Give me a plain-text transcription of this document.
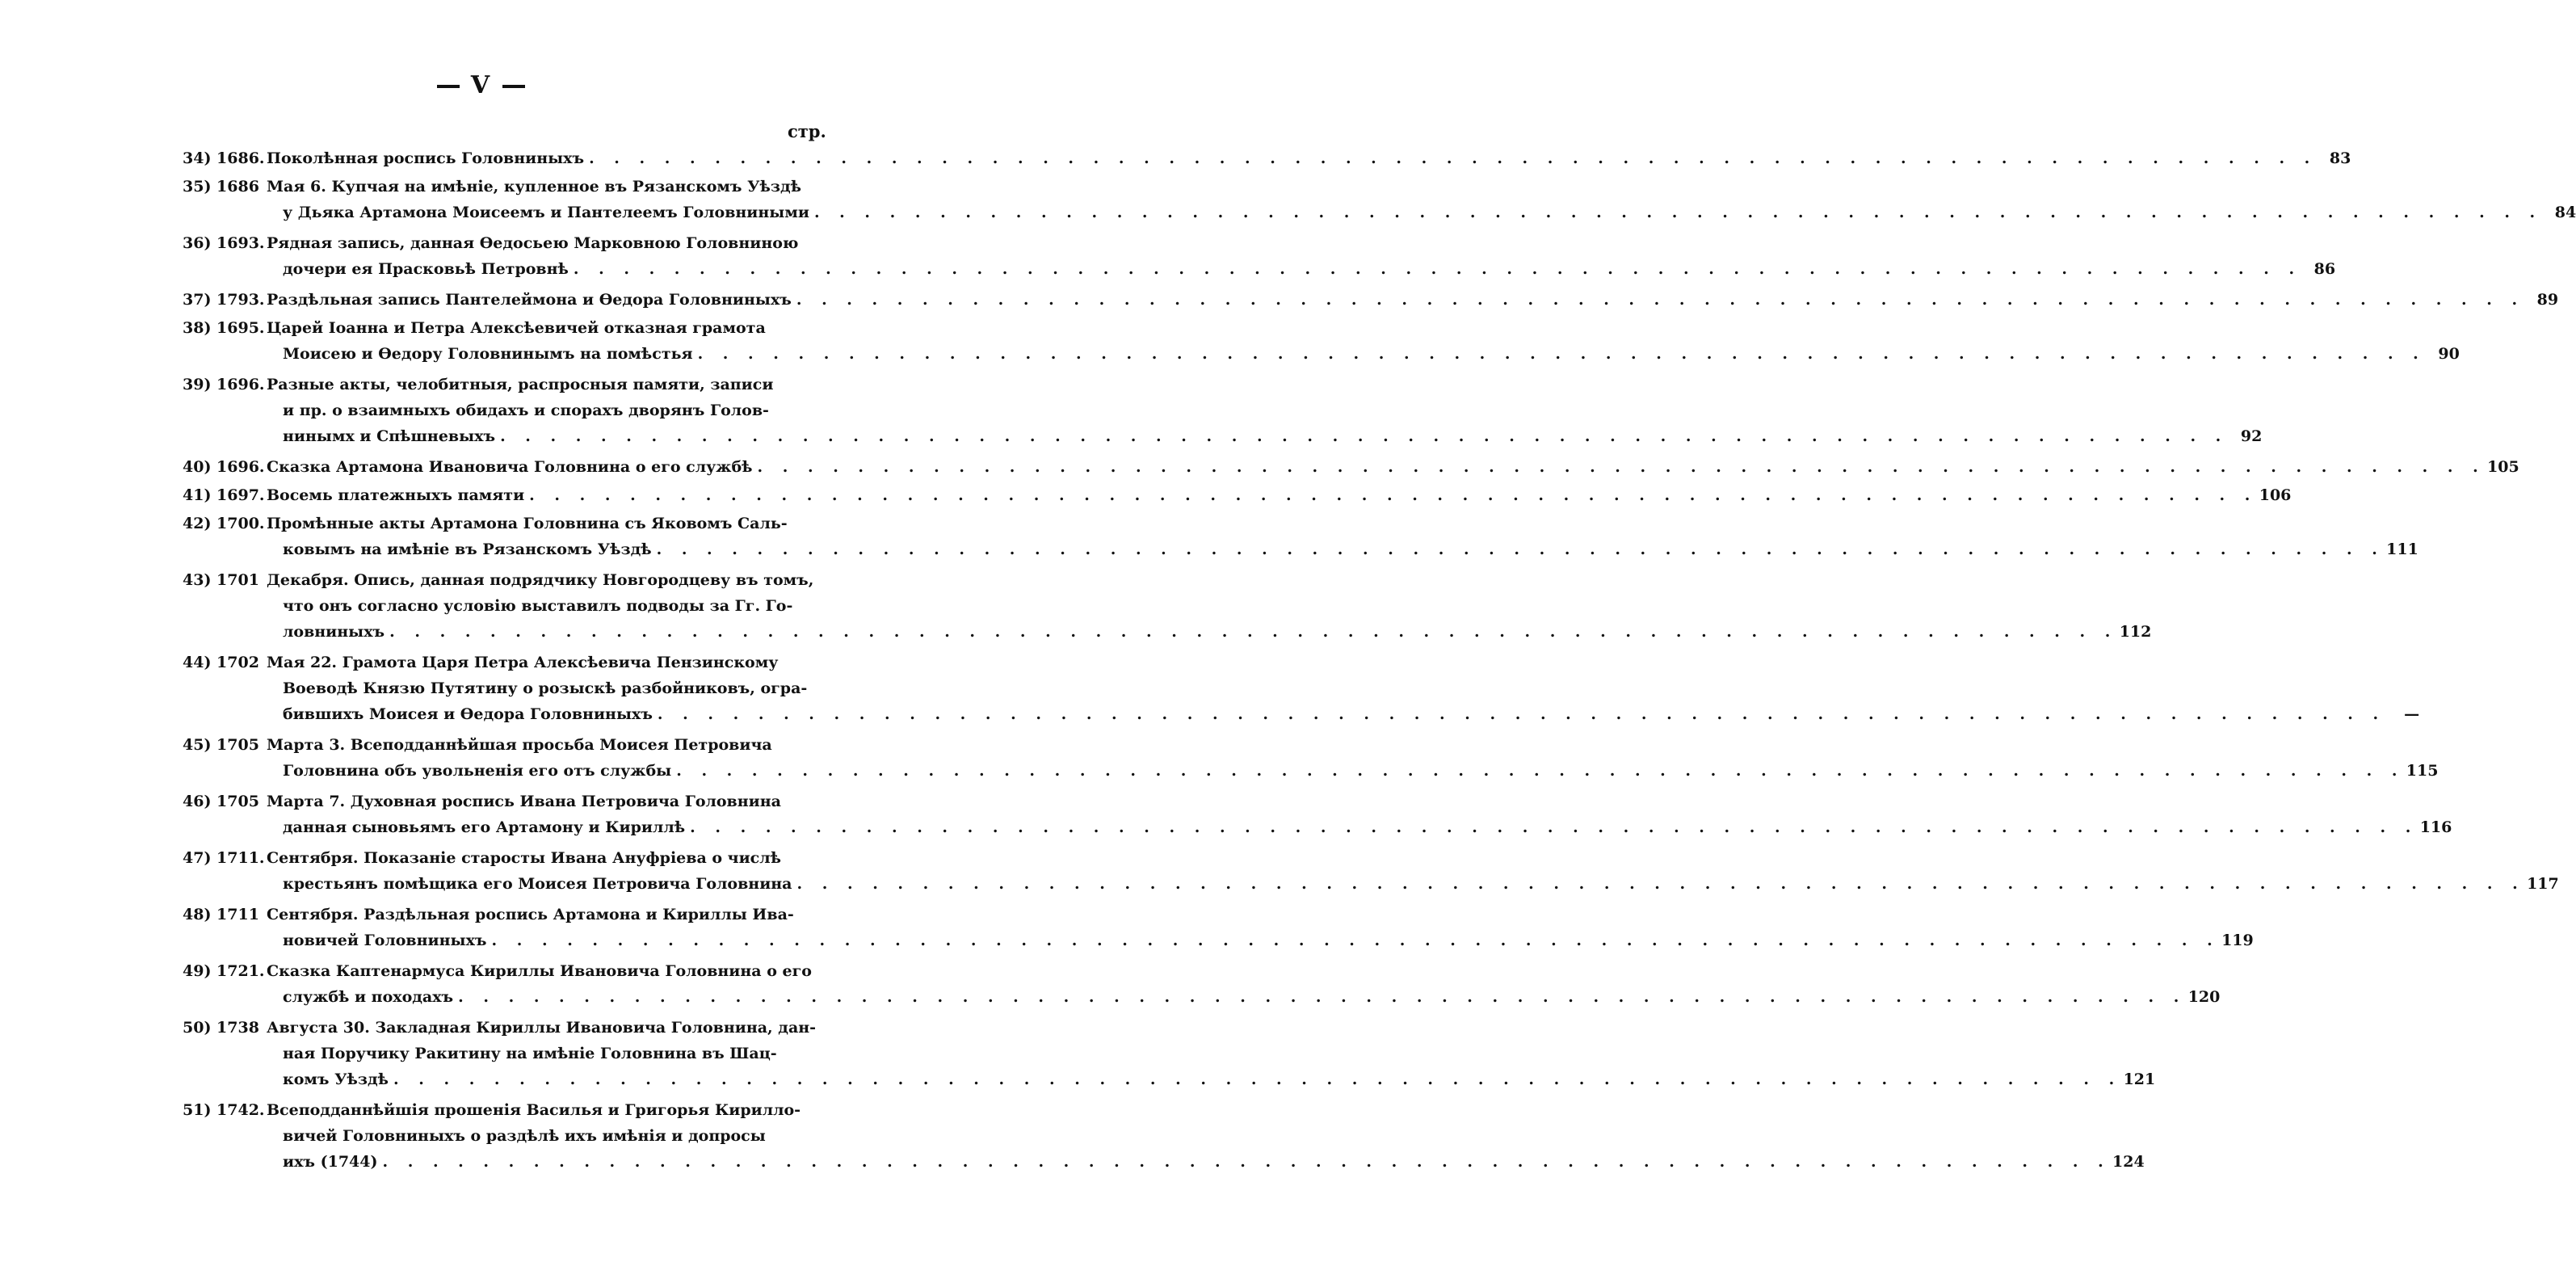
V
стр.
34) 1686. Поколѣнная роспись Головниныхъ . . .	83
35) 1686 Мая 6. Купчая на имѣніе, купленное въ Рязанскомъ Уѣздѣ
у Дьяка Артамона Моисеемъ и Пантелеемъ Головниными . . .	84
36) 1693. Рядная запись, данная Ѳедосьею Марковною Головниною
дочери ея Прасковьѣ Петровнѣ . . .	86
37) 1793. Раздѣльная запись Пантелеймона и Ѳедора Головниныхъ . . .	89
38) 1695. Царей Іоанна и Петра Алексѣевичей отказная грамота
Моисею и Ѳедору Головнинымъ на помѣстья . . .	90
39) 1696. Разные акты, челобитныя, распросныя памяти, записи
и пр. о взаимныхъ обидахъ и спорахъ дворянъ Голов-
нинымх и Спѣшневыхъ . . .	92
40) 1696. Сказка Артамона Ивановича Головнина о его службѣ . . .	105
41) 1697. Восемь платежныхъ памяти . . .	106
42) 1700. Промѣнные акты Артамона Головнина съ Яковомъ Саль-
ковымъ на имѣніе въ Рязанскомъ Уѣздѣ . . .	111
43) 1701 Декабря. Опись, данная подрядчику Новгородцеву въ томъ,
что онъ согласно условію выставилъ подводы за Гг. Го-
ловниныхъ . . .	112
44) 1702 Мая 22. Грамота Царя Петра Алексѣевича Пензинскому
Воеводѣ Князю Путятину о розыскѣ разбойниковъ, огра-
бившихъ Моисея и Ѳедора Головниныхъ . . .	—
45) 1705 Марта 3. Всеподданнѣйшая просьба Моисея Петровича
Головнина объ увольненія его отъ службы . . .	115
46) 1705 Марта 7. Духовная роспись Ивана Петровича Головнина
данная сыновьямъ его Артамону и Кириллѣ . . .	116
47) 1711. Сентября. Показаніе старосты Ивана Ануфріева о числѣ
крестьянъ помѣщика его Моисея Петровича Головнина . . .	117
48) 1711 Сентября. Раздѣльная роспись Артамона и Кириллы Ива-
новичей Головниныхъ . . .	119
49) 1721. Сказка Каптенармуса Кириллы Ивановича Головнина о его
службѣ и походахъ . . .	120
50) 1738 Августа 30. Закладная Кириллы Ивановича Головнина, дан-
ная Поручику Ракитину на имѣніе Головнина въ Шац-
комъ Уѣздѣ . . .	121
51) 1742. Всеподданнѣйшія прошенія Василья и Григорья Кирилло-
вичей Головниныхъ о раздѣлѣ ихъ имѣнія и допросы
ихъ (1744) . . .	124
